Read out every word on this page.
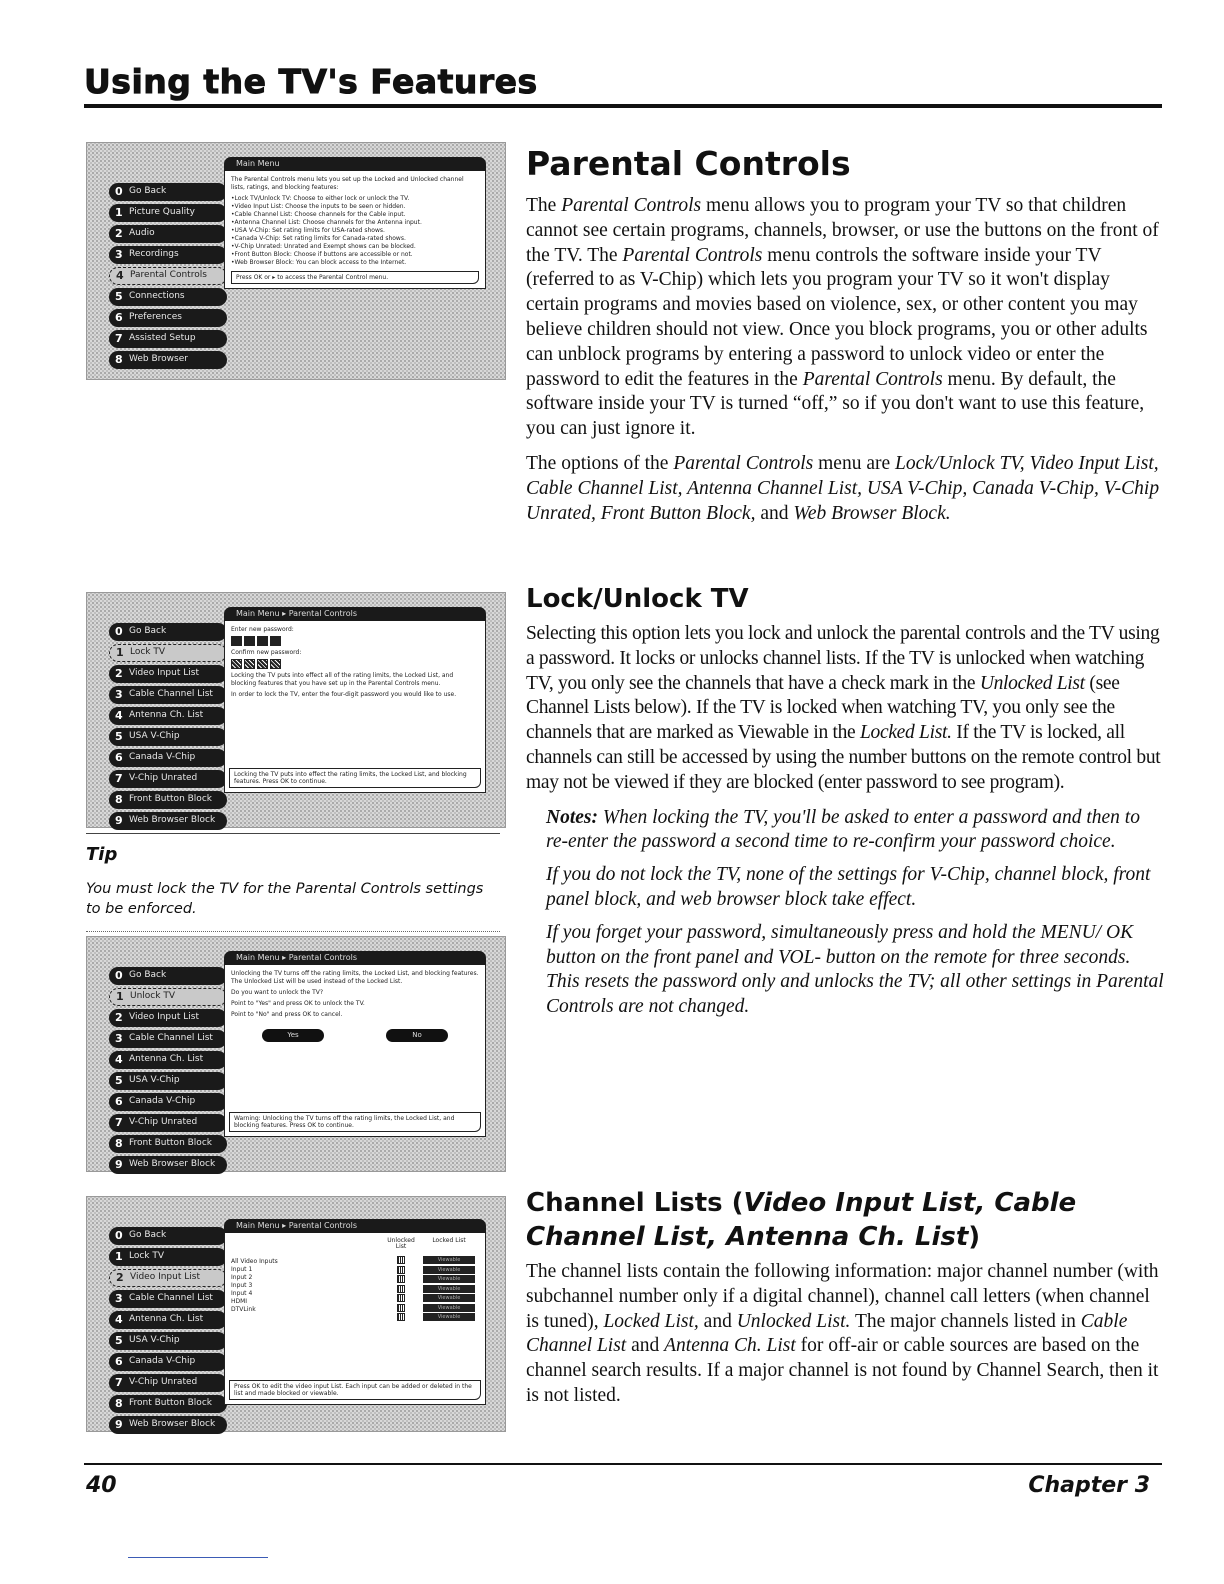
Using the TV's Features
0 Go Back
1 Picture Quality
2 Audio
3 Recordings
4 Parental Controls
5 Connections
6 Preferences
7 Assisted Setup
8 Web Browser
Main Menu

The Parental Controls menu lets you set up the Locked and Unlocked channel lists, ratings, and blocking features:

•Lock TV/Unlock TV: Choose to either lock or unlock the TV.
•Video Input List: Choose the inputs to be seen or hidden.
•Cable Channel List: Choose channels for the Cable input.
•Antenna Channel List: Choose channels for the Antenna input.
•USA V-Chip: Set rating limits for USA-rated shows.
•Canada V-Chip: Set rating limits for Canada-rated shows.
•V-Chip Unrated: Unrated and Exempt shows can be blocked.
•Front Button Block: Choose if buttons are accessible or not.
•Web Browser Block: You can block access to the Internet.
Press OK or ▸ to access the Parental Control menu.
0 Go Back
1 Lock TV
2 Video Input List
3 Cable Channel List
4 Antenna Ch. List
5 USA V-Chip
6 Canada V-Chip
7 V-Chip Unrated
8 Front Button Block
9 Web Browser Block
Main Menu ▸ Parental Controls

Enter new password:

Confirm new password:

Locking the TV puts into effect all of the rating limits, the Locked List, and blocking features that you have set up in the Parental Controls menu.

In order to lock the TV, enter the four-digit password you would like to use.

Locking the TV puts into effect the rating limits, the Locked List, and blocking features. Press OK to continue.
Tip

You must lock the TV for the Parental Controls settings to be enforced.

0 Go Back
1 Unlock TV
2 Video Input List
3 Cable Channel List
4 Antenna Ch. List
5 USA V-Chip
6 Canada V-Chip
7 V-Chip Unrated
8 Front Button Block
9 Web Browser Block
Main Menu ▸ Parental Controls

Unlocking the TV turns off the rating limits, the Locked List, and blocking features. The Unlocked List will be used instead of the Locked List.

Do you want to unlock the TV?

Point to "Yes" and press OK to unlock the TV.

Point to "No" and press OK to cancel.

Yes	No
Warning: Unlocking the TV turns off the rating limits, the Locked List, and blocking features. Press OK to continue.
0 Go Back
1 Lock TV
2 Video Input List
3 Cable Channel List
4 Antenna Ch. List
5 USA V-Chip
6 Canada V-Chip
7 V-Chip Unrated
8 Front Button Block
9 Web Browser Block
Main Menu ▸ Parental Controls
All Video Inputs
Input 1
Input 2
Input 3
Input 4
HDMI
DTVLink
Unlocked List
Locked List
Viewable
Viewable
Viewable
Viewable
Viewable
Viewable
Viewable
Press OK to edit the video input List. Each input can be added or deleted in the list and made blocked or viewable.
Parental Controls

The Parental Controls menu allows you to program your TV so that children cannot see certain programs, channels, browser, or use the buttons on the front of the TV. The Parental Controls menu controls the software inside your TV (referred to as V-Chip) which lets you program your TV so it won't display certain programs and movies based on violence, sex, or other content you may believe children should not view. Once you block programs, you or other adults can unblock programs by entering a password to unlock video or enter the password to edit the features in the Parental Controls menu. By default, the software inside your TV is turned “off,” so if you don't want to use this feature, you can just ignore it.

The options of the Parental Controls menu are Lock/Unlock TV, Video Input List, Cable Channel List, Antenna Channel List, USA V-Chip, Canada V-Chip, V-Chip Unrated, Front Button Block, and Web Browser Block.

Lock/Unlock TV

Selecting this option lets you lock and unlock the parental controls and the TV using a password. It locks or unlocks channel lists. If the TV is unlocked when watching TV, you only see the channels that have a check mark in the Unlocked List (see Channel Lists below). If the TV is locked when watching TV, you only see the channels that are marked as Viewable in the Locked List. If the TV is locked, all channels can still be accessed by using the number buttons on the remote control but may not be viewed if they are blocked (enter password to see program).

Notes: When locking the TV, you'll be asked to enter a password and then to re-enter the password a second time to re-confirm your password choice.

If you do not lock the TV, none of the settings for V-Chip, channel block, front panel block, and web browser block take effect.

If you forget your password, simultaneously press and hold the MENU/ OK button on the front panel and VOL- button on the remote for three seconds. This resets the password only and unlocks the TV; all other settings in Parental Controls are not changed.

Channel Lists (Video Input List, Cable Channel List, Antenna Ch. List)

The channel lists contain the following information: major channel number (with subchannel number only if a digital channel), channel call letters (when channel is tuned), Locked List, and Unlocked List. The major channels listed in Cable Channel List and Antenna Ch. List for off-air or cable sources are based on the channel search results. If a major channel is not found by Channel Search, then it is not listed.

40	Chapter 3
